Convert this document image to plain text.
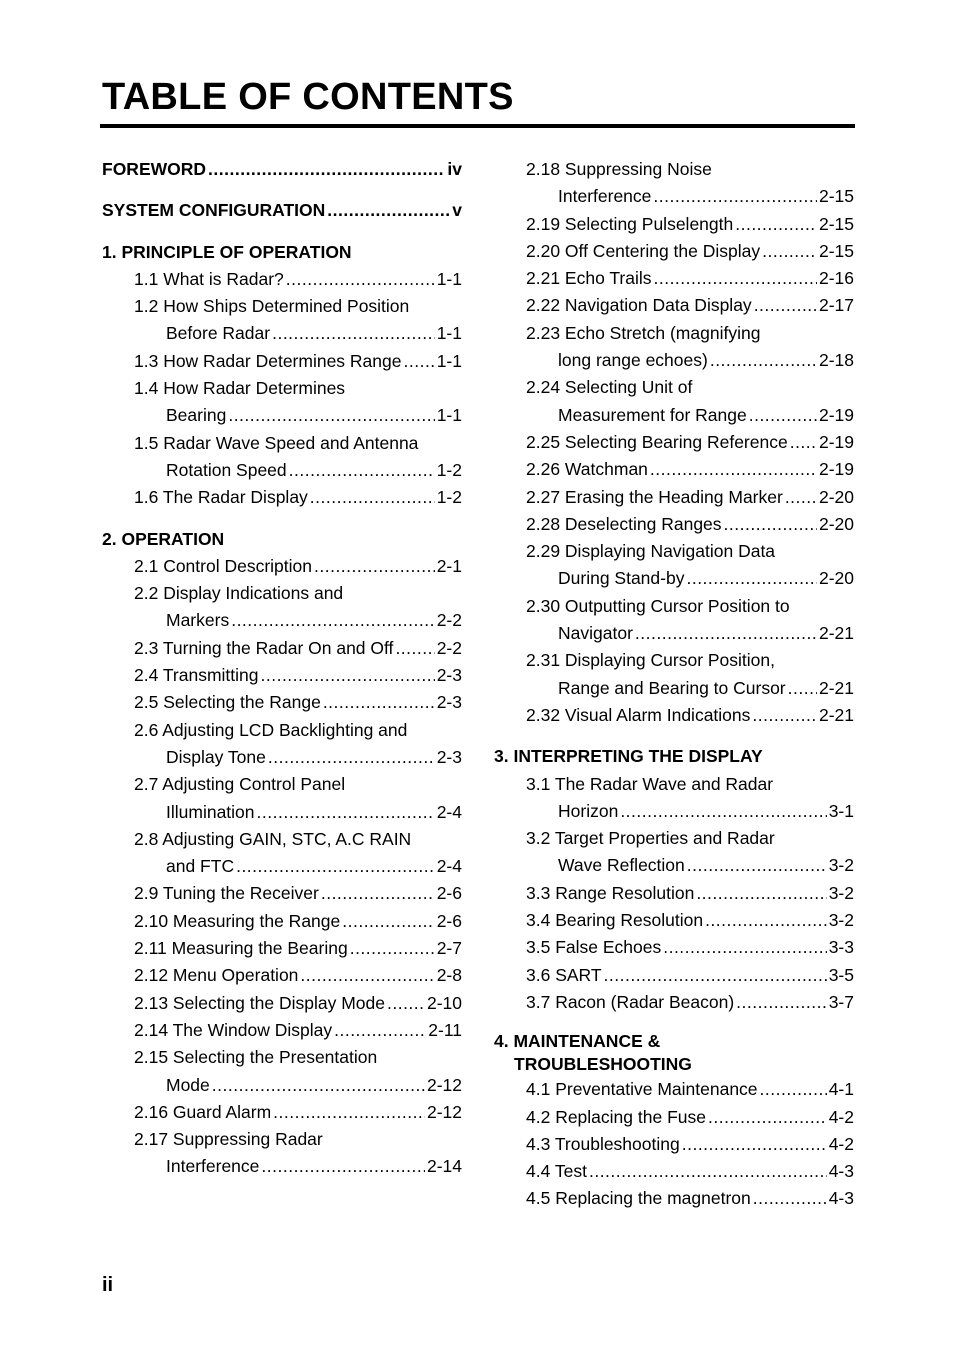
TABLE OF CONTENTS
FOREWORD .....	iv
SYSTEM CONFIGURATION .....	v
1. PRINCIPLE OF OPERATION
1.1 What is Radar? .....	1-1
1.2 How Ships Determined Position
Before Radar .....	1-1
1.3 How Radar Determines Range ..... 1-1
1.4 How Radar Determines
Bearing .....	1-1
1.5 Radar Wave Speed and Antenna
Rotation Speed .....	1-2
1.6 The Radar Display .....	1-2
2. OPERATION
2.1 Control Description .....	2-1
2.2 Display Indications and
Markers .....	2-2
2.3 Turning the Radar On and Off ..... 2-2
2.4 Transmitting .....	2-3
2.5 Selecting the Range .....	2-3
2.6 Adjusting LCD Backlighting and
Display Tone .....	2-3
2.7 Adjusting Control Panel
Illumination .....	2-4
2.8 Adjusting GAIN, STC, A.C RAIN
and FTC .....	2-4
2.9 Tuning the Receiver .....	2-6
2.10 Measuring the Range .....	2-6
2.11 Measuring the Bearing .....	2-7
2.12 Menu Operation .....	2-8
2.13 Selecting the Display Mode ..... 2-10
2.14 The Window Display .....	2-11
2.15 Selecting the Presentation
Mode .....	2-12
2.16 Guard Alarm .....	2-12
2.17 Suppressing Radar
Interference .....	2-14
2.18 Suppressing Noise
Interference .....	2-15
2.19 Selecting Pulselength .....	2-15
2.20 Off Centering the Display .....	2-15
2.21 Echo Trails .....	2-16
2.22 Navigation Data Display .....	2-17
2.23 Echo Stretch (magnifying
long range echoes) .....	2-18
2.24 Selecting Unit of
Measurement for Range .....	2-19
2.25 Selecting Bearing Reference ..... 2-19
2.26 Watchman .....	2-19
2.27 Erasing the Heading Marker ..... 2-20
2.28 Deselecting Ranges .....	2-20
2.29 Displaying Navigation Data
During Stand-by .....	2-20
2.30 Outputting Cursor Position to
Navigator .....	2-21
2.31 Displaying Cursor Position,
Range and Bearing to Cursor ..... 2-21
2.32 Visual Alarm Indications .....	2-21
3. INTERPRETING THE DISPLAY
3.1 The Radar Wave and Radar
Horizon .....	3-1
3.2 Target Properties and Radar
Wave Reflection .....	3-2
3.3 Range Resolution .....	3-2
3.4 Bearing Resolution .....	3-2
3.5 False Echoes .....	3-3
3.6 SART .....	3-5
3.7 Racon (Radar Beacon) .....	3-7
4. MAINTENANCE &
TROUBLESHOOTING
4.1 Preventative Maintenance .....	4-1
4.2 Replacing the Fuse .....	4-2
4.3 Troubleshooting .....	4-2
4.4 Test .....	4-3
4.5 Replacing the magnetron .....	4-3
ii
